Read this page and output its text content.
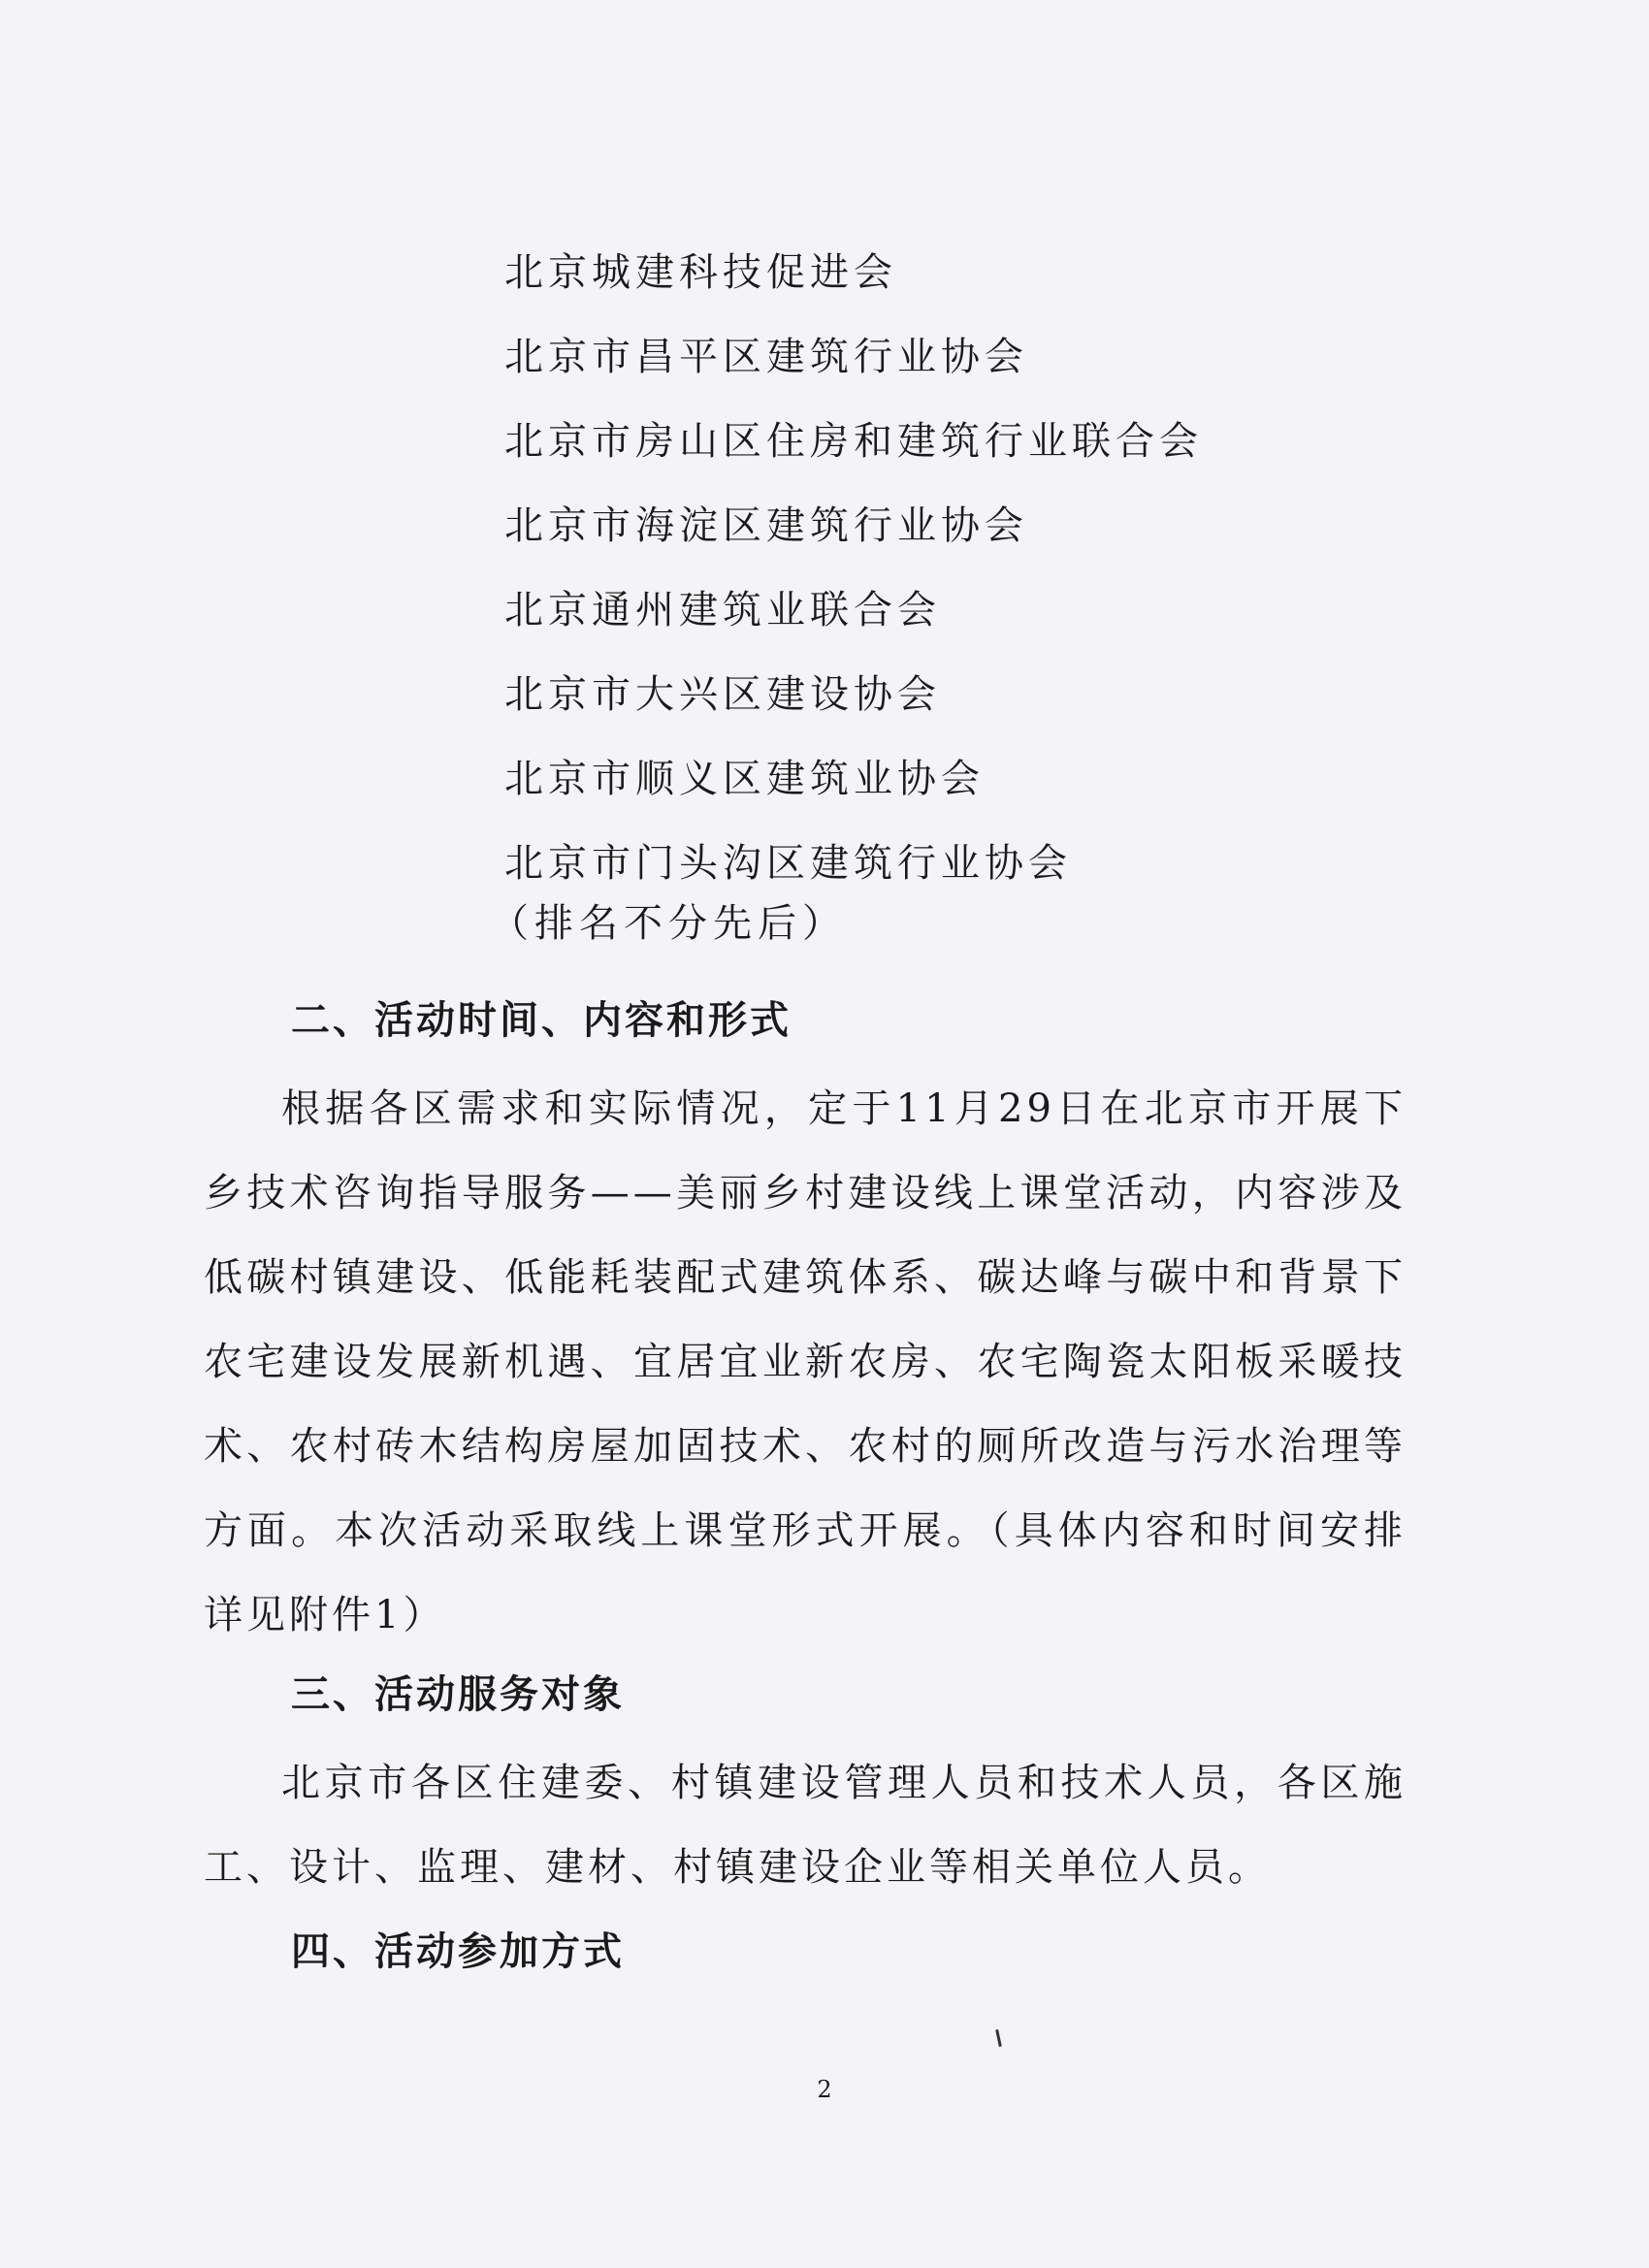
北京城建科技促进会
北京市昌平区建筑行业协会
北京市房山区住房和建筑行业联合会
北京市海淀区建筑行业协会
北京通州建筑业联合会
北京市大兴区建设协会
北京市顺义区建筑业协会
北京市门头沟区建筑行业协会
（排名不分先后）
二、活动时间、内容和形式

根据各区需求和实际情况，定于11月29日在北京市开展下乡技术咨询指导服务——美丽乡村建设线上课堂活动，内容涉及低碳村镇建设、低能耗装配式建筑体系、碳达峰与碳中和背景下农宅建设发展新机遇、宜居宜业新农房、农宅陶瓷太阳板采暖技术、农村砖木结构房屋加固技术、农村的厕所改造与污水治理等方面。本次活动采取线上课堂形式开展。（具体内容和时间安排详见附件1）

三、活动服务对象

北京市各区住建委、村镇建设管理人员和技术人员，各区施工、设计、监理、建材、村镇建设企业等相关单位人员。

四、活动参加方式
2
